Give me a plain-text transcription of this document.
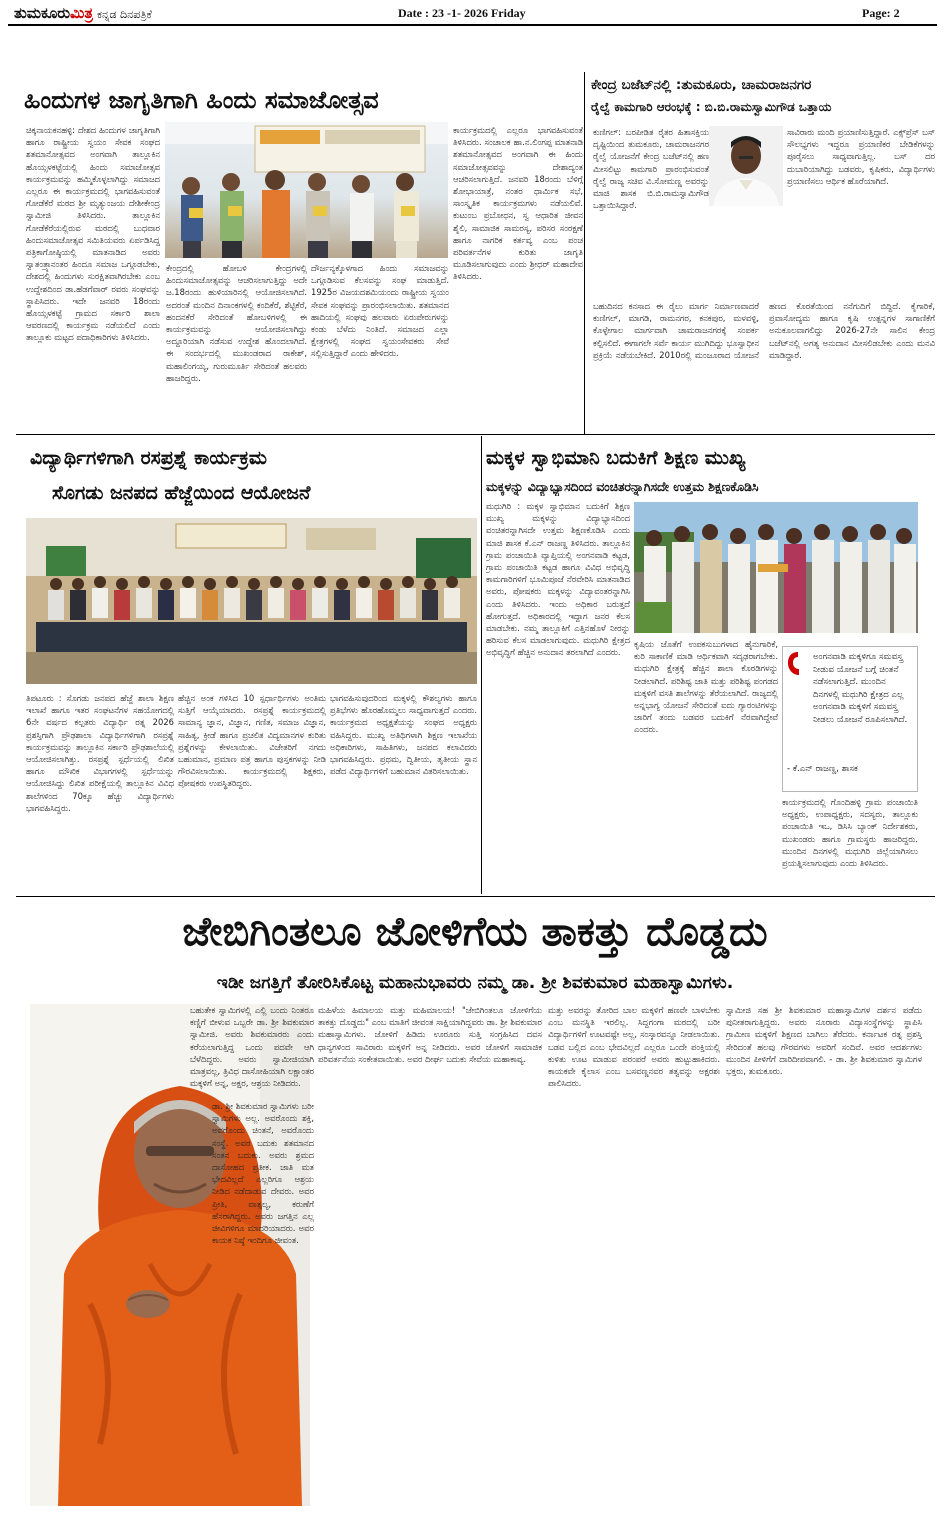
ತುಮಕೂರುಮಿತ್ರ ಕನ್ನಡ ದಿನಪತ್ರಿಕೆ	Date : 23 -1- 2026 Friday	Page: 2
ಹಿಂದುಗಳ ಜಾಗೃತಿಗಾಗಿ ಹಿಂದು ಸಮಾಜೋತ್ಸವ
ಚಿಕ್ಕನಾಯಕನಹಳ್ಳಿ: ದೇಶದ ಹಿಂದುಗಳ ಜಾಗೃತಿಗಾಗಿ ಹಾಗೂ ರಾಷ್ಟ್ರೀಯ ಸ್ವಯಂ ಸೇವಕ ಸಂಘದ ಶತಮಾನೋತ್ಸವದ ಅಂಗವಾಗಿ ತಾಲ್ಲೂಕಿನ ಹೊಯ್ಸಳಕಟ್ಟೆಯಲ್ಲಿ ಹಿಂದು ಸಮಾಜೋತ್ಸವ ಕಾರ್ಯಕ್ರಮವನ್ನು ಹಮ್ಮಿಕೊಳ್ಳಲಾಗಿದ್ದು ಸಮಾಜದ ಎಲ್ಲರೂ ಈ ಕಾರ್ಯಕ್ರಮದಲ್ಲಿ ಭಾಗವಹಿಸುವಂತೆ ಗೋಡೆಕೆರೆ ಮಠದ ಶ್ರೀ ಮೃತ್ಯುಂಜಯ ದೇಶೀಕೇಂದ್ರ ಸ್ವಾಮೀಜಿ ತಿಳಿಸಿದರು. ತಾಲ್ಲೂಕಿನ ಗೋಡೆಕೆರೆಯಲ್ಲಿರುವ ಮಠದಲ್ಲಿ ಬುಧವಾರ ಹಿಂದುಸಮಾಜೋತ್ಸವ ಸಮಿತಿಯವರು ಏರ್ಪಡಿಸಿದ್ದ ಪತ್ರಿಕಾಗೋಷ್ಠಿಯಲ್ಲಿ ಮಾತನಾಡಿದ ಅವರು ಸ್ವಾತಂತ್ರ್ಯಾನಂತರ ಹಿಂದೂ ಸಮಾಜ ಒಗ್ಗೂಡಬೇಕು, ದೇಶದಲ್ಲಿ ಹಿಂದುಗಳು ಸುರಕ್ಷಿತವಾಗಿರಬೇಕು ಎಂಬ ಉದ್ದೇಶದಿಂದ ಡಾ.ಹೆಡಗೆವಾರ್ ರವರು ಸಂಘವನ್ನು ಸ್ಥಾಪಿಸಿದರು. ಇದೇ ಜನವರಿ 18ರಂದು ಹೊಯ್ಸಳಕಟ್ಟೆ ಗ್ರಾಮದ ಸರ್ಕಾರಿ ಶಾಲಾ ಆವರಣದಲ್ಲಿ ಕಾರ್ಯಕ್ರಮ ನಡೆಯಲಿದೆ ಎಂದು ತಾಲ್ಲೂಕು ಮಟ್ಟದ ಪದಾಧಿಕಾರಿಗಳು ತಿಳಿಸಿದರು.
ಕೇಂದ್ರದಲ್ಲಿ ಹೋಬಳಿ ಕೇಂದ್ರಗಳಲ್ಲಿ ಹಿಂದುಸಮಾಜೋತ್ಸವನ್ನು ಆಚರಿಸಲಾಗುತ್ತಿದ್ದು ಅದೇ ಜ.18ರಂದು ಹುಳಿಯಾರಿನಲ್ಲಿ ಆಯೋಜಿಸಲಾಗಿದೆ. ಅದರಂತೆ ಮಂದಿನ ದಿನಾಂಕಗಳಲ್ಲಿ ಕಂದಿಕೆರೆ, ಶೆಟ್ಟಿಕೆರೆ, ಹಂದನಕೆರೆ ಸೇರಿದಂತೆ ಹೋಬಳಿಗಳಲ್ಲಿ ಈ ಕಾರ್ಯಕ್ರಮವನ್ನು ಆಯೋಜಿಸಲಾಗಿದ್ದು ಅದ್ದೂರಿಯಾಗಿ ನಡೆಸುವ ಉದ್ದೇಶ ಹೊಂದಲಾಗಿದೆ. ಈ ಸಂದರ್ಭದಲ್ಲಿ ಮುಖಂಡರಾದ ರಾಕೇಶ್, ಮಹಾಲಿಂಗಯ್ಯ, ಗುರುಮೂರ್ತಿ ಸೇರಿದಂತೆ ಹಲವರು ಹಾಜರಿದ್ದರು.
ದೌರ್ಜನ್ಯಕ್ಕೊಳಗಾದ ಹಿಂದು ಸಮಾಜವನ್ನು ಒಗ್ಗೂಡಿಸುವ ಕೆಲಸವನ್ನು ಸಂಘ ಮಾಡುತ್ತಿದೆ. 1925ರ ವಿಜಯದಶಮಿಯಂದು ರಾಷ್ಟ್ರೀಯ ಸ್ವಯಂ ಸೇವಕ ಸಂಘವನ್ನು ಪ್ರಾರಂಭಿಸಲಾಯಿತು. ಶತಮಾನದ ಹಾದಿಯಲ್ಲಿ ಸಂಘವು ಹಲವಾರು ಏರುಪೇರುಗಳನ್ನು ಕಂಡು ಬೆಳೆದು ನಿಂತಿದೆ. ಸಮಾಜದ ಎಲ್ಲಾ ಕ್ಷೇತ್ರಗಳಲ್ಲಿ ಸಂಘದ ಸ್ವಯಂಸೇವಕರು ಸೇವೆ ಸಲ್ಲಿಸುತ್ತಿದ್ದಾರೆ ಎಂದು ಹೇಳಿದರು.
ಕಾರ್ಯಕ್ರಮದಲ್ಲಿ ಎಲ್ಲರೂ ಭಾಗವಹಿಸುವಂತೆ ತಿಳಿಸಿದರು. ಸಂಚಾಲಕ ಹಾ.ನ.ಲಿಂಗಪ್ಪ ಮಾತನಾಡಿ ಶತಮಾನೋತ್ಸವದ ಅಂಗವಾಗಿ ಈ ಹಿಂದು ಸಮಾಜೋತ್ಸವವನ್ನು ದೇಶಾದ್ಯಂತ ಆಚರಿಸಲಾಗುತ್ತಿದೆ. ಜನವರಿ 18ರಂದು ಬೆಳಿಗ್ಗೆ ಶೋಭಾಯಾತ್ರೆ, ನಂತರ ಧಾರ್ಮಿಕ ಸಭೆ, ಸಾಂಸ್ಕೃತಿಕ ಕಾರ್ಯಕ್ರಮಗಳು ನಡೆಯಲಿವೆ. ಕುಟುಂಬ ಪ್ರಬೋಧನ, ಸ್ವ ಆಧಾರಿತ ಜೀವನ ಶೈಲಿ, ಸಾಮಾಜಿಕ ಸಾಮರಸ್ಯ, ಪರಿಸರ ಸಂರಕ್ಷಣೆ ಹಾಗೂ ನಾಗರಿಕ ಕರ್ತವ್ಯ ಎಂಬ ಪಂಚ ಪರಿವರ್ತನೆಗಳ ಕುರಿತು ಜಾಗೃತಿ ಮೂಡಿಸಲಾಗುವುದು ಎಂದು ಶ್ರೀಧರ್ ಮಹಾದೇವ ತಿಳಿಸಿದರು.
ಕೇಂದ್ರ ಬಜೆಟ್‌ನಲ್ಲಿ :ತುಮಕೂರು, ಚಾಮರಾಜನಗರ
ರೈಲ್ವೆ ಕಾಮಗಾರಿ ಆರಂಭಕ್ಕೆ : ಬಿ.ಬಿ.ರಾಮಸ್ವಾಮಿಗೌಡ ಒತ್ತಾಯ
ಕುಣಿಗಲ್: ಬರಪೀಡಿತ ರೈತರ ಹಿತಾಸಕ್ತಿಯ ದೃಷ್ಟಿಯಿಂದ ತುಮಕೂರು, ಚಾಮರಾಜನಗರ ರೈಲ್ವೆ ಯೋಜನೆಗೆ ಕೇಂದ್ರ ಬಜೆಟ್‌ನಲ್ಲಿ ಹಣ ಮೀಸಲಿಟ್ಟು ಕಾಮಗಾರಿ ಪ್ರಾರಂಭಿಸುವಂತೆ ರೈಲ್ವೆ ರಾಜ್ಯ ಸಚಿವ ವಿ.ಸೋಮಣ್ಣ ಅವರನ್ನು ಮಾಜಿ ಶಾಸಕ ಬಿ.ಬಿ.ರಾಮಸ್ವಾಮಿಗೌಡ ಒತ್ತಾಯಿಸಿದ್ದಾರೆ.
ಸಾವಿರಾರು ಮಂದಿ ಪ್ರಯಾಣಿಸುತ್ತಿದ್ದಾರೆ. ಎಕ್ಸ್‌ಪ್ರೆಸ್ ಬಸ್ ಸೌಲಭ್ಯಗಳು ಇದ್ದರೂ ಪ್ರಯಾಣಿಕರ ಬೇಡಿಕೆಗಳನ್ನು ಪೂರೈಸಲು ಸಾಧ್ಯವಾಗುತ್ತಿಲ್ಲ. ಬಸ್ ದರ ದುಬಾರಿಯಾಗಿದ್ದು ಬಡವರು, ಕೃಷಿಕರು, ವಿದ್ಯಾರ್ಥಿಗಳು ಪ್ರಯಾಣಿಸಲು ಆರ್ಥಿಕ ಹೊರೆಯಾಗಿದೆ.
ಬಹುದಿನದ ಕನಸಾದ ಈ ರೈಲು ಮಾರ್ಗ ನಿರ್ಮಾಣವಾದರೆ ಕುಣಿಗಲ್, ಮಾಗಡಿ, ರಾಮನಗರ, ಕನಕಪುರ, ಮಳವಳ್ಳಿ, ಕೊಳ್ಳೇಗಾಲ ಮಾರ್ಗವಾಗಿ ಚಾಮರಾಜನಗರಕ್ಕೆ ಸಂಪರ್ಕ ಕಲ್ಪಿಸಲಿದೆ. ಈಗಾಗಲೇ ಸರ್ವೆ ಕಾರ್ಯ ಮುಗಿದಿದ್ದು ಭೂಸ್ವಾಧೀನ ಪ್ರಕ್ರಿಯೆ ನಡೆಯಬೇಕಿದೆ. 2010ರಲ್ಲಿ ಮಂಜೂರಾದ ಯೋಜನೆ ಹಣದ ಕೊರತೆಯಿಂದ ನನೆಗುದಿಗೆ ಬಿದ್ದಿದೆ. ಕೈಗಾರಿಕೆ, ಪ್ರವಾಸೋದ್ಯಮ ಹಾಗೂ ಕೃಷಿ ಉತ್ಪನ್ನಗಳ ಸಾಗಾಣಿಕೆಗೆ ಅನುಕೂಲವಾಗಲಿದ್ದು 2026-27ನೇ ಸಾಲಿನ ಕೇಂದ್ರ ಬಜೆಟ್‌ನಲ್ಲಿ ಅಗತ್ಯ ಅನುದಾನ ಮೀಸಲಿಡಬೇಕು ಎಂದು ಮನವಿ ಮಾಡಿದ್ದಾರೆ.
ವಿದ್ಯಾರ್ಥಿಗಳಿಗಾಗಿ ರಸಪ್ರಶ್ನೆ ಕಾರ್ಯಕ್ರಮ
ಸೊಗಡು ಜನಪದ ಹೆಜ್ಜೆಯಿಂದ ಆಯೋಜನೆ
ತಿಪಟೂರು : ಸೊಗಡು ಜನಪದ ಹೆಜ್ಜೆ ಶಾಲಾ ಶಿಕ್ಷಣ ಇಲಾಖೆ ಹಾಗೂ ಇತರ ಸಂಘಟನೆಗಳ ಸಹಯೋಗದಲ್ಲಿ 6ನೇ ವರ್ಷದ ಕಲ್ಪತರು ವಿದ್ಯಾರ್ಥಿ ರತ್ನ 2026 ಪ್ರಶಸ್ತಿಗಾಗಿ ಪ್ರೌಢಶಾಲಾ ವಿದ್ಯಾರ್ಥಿಗಳಿಗಾಗಿ ರಸಪ್ರಶ್ನೆ ಕಾರ್ಯಕ್ರಮವನ್ನು ತಾಲ್ಲೂಕಿನ ಸರ್ಕಾರಿ ಪ್ರೌಢಶಾಲೆಯಲ್ಲಿ ಆಯೋಜಿಸಲಾಗಿತ್ತು. ರಸಪ್ರಶ್ನೆ ಸ್ಪರ್ಧೆಯಲ್ಲಿ ಲಿಖಿತ ಹಾಗೂ ಮೌಖಿಕ ವಿಭಾಗಗಳಲ್ಲಿ ಸ್ಪರ್ಧೆಯನ್ನು ಆಯೋಜಿಸಿದ್ದು ಲಿಖಿತ ಪರೀಕ್ಷೆಯಲ್ಲಿ ತಾಲ್ಲೂಕಿನ ವಿವಿಧ ಶಾಲೆಗಳಿಂದ 70ಕ್ಕೂ ಹೆಚ್ಚು ವಿದ್ಯಾರ್ಥಿಗಳು ಭಾಗವಹಿಸಿದ್ದರು.
ಹೆಚ್ಚಿನ ಅಂಕ ಗಳಿಸಿದ 10 ಸ್ಪರ್ಧಾರ್ಥಿಗಳು ಅಂತಿಮ ಸುತ್ತಿಗೆ ಆಯ್ಕೆಯಾದರು. ರಸಪ್ರಶ್ನೆ ಕಾರ್ಯಕ್ರಮದಲ್ಲಿ ಸಾಮಾನ್ಯ ಜ್ಞಾನ, ವಿಜ್ಞಾನ, ಗಣಿತ, ಸಮಾಜ ವಿಜ್ಞಾನ, ಸಾಹಿತ್ಯ, ಕ್ರೀಡೆ ಹಾಗೂ ಪ್ರಚಲಿತ ವಿದ್ಯಮಾನಗಳ ಕುರಿತು ಪ್ರಶ್ನೆಗಳನ್ನು ಕೇಳಲಾಯಿತು. ವಿಜೇತರಿಗೆ ನಗದು ಬಹುಮಾನ, ಪ್ರಮಾಣ ಪತ್ರ ಹಾಗೂ ಪುಸ್ತಕಗಳನ್ನು ನೀಡಿ ಗೌರವಿಸಲಾಯಿತು. ಕಾರ್ಯಕ್ರಮದಲ್ಲಿ ಶಿಕ್ಷಕರು, ಪೋಷಕರು ಉಪಸ್ಥಿತರಿದ್ದರು.
ಭಾಗವಹಿಸುವುದರಿಂದ ಮಕ್ಕಳಲ್ಲಿ ಕೌಶಲ್ಯಗಳು ಹಾಗೂ ಪ್ರತಿಭೆಗಳು ಹೊರಹೊಮ್ಮಲು ಸಾಧ್ಯವಾಗುತ್ತದೆ ಎಂದರು. ಕಾರ್ಯಕ್ರಮದ ಅಧ್ಯಕ್ಷತೆಯನ್ನು ಸಂಘದ ಅಧ್ಯಕ್ಷರು ವಹಿಸಿದ್ದರು. ಮುಖ್ಯ ಅತಿಥಿಗಳಾಗಿ ಶಿಕ್ಷಣ ಇಲಾಖೆಯ ಅಧಿಕಾರಿಗಳು, ಸಾಹಿತಿಗಳು, ಜನಪದ ಕಲಾವಿದರು ಭಾಗವಹಿಸಿದ್ದರು. ಪ್ರಥಮ, ದ್ವಿತೀಯ, ತೃತೀಯ ಸ್ಥಾನ ಪಡೆದ ವಿದ್ಯಾರ್ಥಿಗಳಿಗೆ ಬಹುಮಾನ ವಿತರಿಸಲಾಯಿತು.
ಮಕ್ಕಳ ಸ್ವಾಭಿಮಾನಿ ಬದುಕಿಗೆ ಶಿಕ್ಷಣ ಮುಖ್ಯ
ಮಕ್ಕಳನ್ನು ವಿದ್ಯಾಭ್ಯಾಸದಿಂದ ವಂಚಿತರನ್ನಾಗಿಸದೇ ಉತ್ತಮ ಶಿಕ್ಷಣಕೊಡಿಸಿ
ಮಧುಗಿರಿ : ಮಕ್ಕಳ ಸ್ವಾಭಿಮಾನ ಬದುಕಿಗೆ ಶಿಕ್ಷಣ ಮುಖ್ಯ ಮಕ್ಕಳನ್ನು ವಿದ್ಯಾಭ್ಯಾಸದಿಂದ ವಂಚಿತರನ್ನಾಗಿಸದೇ ಉತ್ತಮ ಶಿಕ್ಷಣಕೊಡಿಸಿ ಎಂದು ಮಾಜಿ ಶಾಸಕ ಕೆ.ಎನ್ ರಾಜಣ್ಣ ತಿಳಿಸಿದರು. ತಾಲ್ಲೂಕಿನ ಗ್ರಾಮ ಪಂಚಾಯಿತಿ ವ್ಯಾಪ್ತಿಯಲ್ಲಿ ಅಂಗನವಾಡಿ ಕಟ್ಟಡ, ಗ್ರಾಮ ಪಂಚಾಯಿತಿ ಕಟ್ಟಡ ಹಾಗೂ ವಿವಿಧ ಅಭಿವೃದ್ಧಿ ಕಾಮಗಾರಿಗಳಿಗೆ ಭೂಮಿಪೂಜೆ ನೆರವೇರಿಸಿ ಮಾತನಾಡಿದ ಅವರು, ಪೋಷಕರು ಮಕ್ಕಳನ್ನು ವಿದ್ಯಾವಂತರನ್ನಾಗಿಸಿ ಎಂದು ತಿಳಿಸಿದರು. ಇಂದು ಅಧಿಕಾರ ಬರುತ್ತದೆ ಹೋಗುತ್ತದೆ. ಅಧಿಕಾರದಲ್ಲಿ ಇದ್ದಾಗ ಜನರ ಕೆಲಸ ಮಾಡಬೇಕು. ನಮ್ಮ ತಾಲ್ಲೂಕಿಗೆ ಎತ್ತಿನಹೊಳೆ ನೀರನ್ನು ಹರಿಸುವ ಕೆಲಸ ಮಾಡಲಾಗುವುದು. ಮಧುಗಿರಿ ಕ್ಷೇತ್ರದ ಅಭಿವೃದ್ಧಿಗೆ ಹೆಚ್ಚಿನ ಅನುದಾನ ತರಲಾಗಿದೆ ಎಂದರು.
ಕೃಷಿಯ ಜೊತೆಗೆ ಉಪಕಸುಬುಗಳಾದ ಹೈನುಗಾರಿಕೆ, ಕುರಿ ಸಾಕಾಣಿಕೆ ಮಾಡಿ ಆರ್ಥಿಕವಾಗಿ ಸದೃಢರಾಗಬೇಕು. ಮಧುಗಿರಿ ಕ್ಷೇತ್ರಕ್ಕೆ ಹೆಚ್ಚಿನ ಶಾಲಾ ಕೊಠಡಿಗಳನ್ನು ನೀಡಲಾಗಿದೆ. ಪರಿಶಿಷ್ಟ ಜಾತಿ ಮತ್ತು ಪರಿಶಿಷ್ಟ ಪಂಗಡದ ಮಕ್ಕಳಿಗೆ ವಸತಿ ಶಾಲೆಗಳನ್ನು ತೆರೆಯಲಾಗಿದೆ. ರಾಜ್ಯದಲ್ಲಿ ಅನ್ನಭಾಗ್ಯ ಯೋಜನೆ ಸೇರಿದಂತೆ ಐದು ಗ್ಯಾರಂಟಿಗಳನ್ನು ಜಾರಿಗೆ ತಂದು ಬಡವರ ಬದುಕಿಗೆ ನೆರವಾಗಿದ್ದೇವೆ ಎಂದರು.
ಅಂಗನವಾಡಿ ಮಕ್ಕಳಿಗೂ ಸಮವಸ್ತ್ರ ನೀಡುವ ಯೋಜನೆ ಬಗ್ಗೆ ಚಿಂತನೆ ನಡೆಸಲಾಗುತ್ತಿದೆ. ಮುಂದಿನ ದಿನಗಳಲ್ಲಿ ಮಧುಗಿರಿ ಕ್ಷೇತ್ರದ ಎಲ್ಲ ಅಂಗನವಾಡಿ ಮಕ್ಕಳಿಗೆ ಸಮವಸ್ತ್ರ ನೀಡಲು ಯೋಜನೆ ರೂಪಿಸಲಾಗಿದೆ.
- ಕೆ.ಎನ್ ರಾಜಣ್ಣ, ಶಾಸಕ
ಕಾರ್ಯಕ್ರಮದಲ್ಲಿ ಗೊಂದಿಹಳ್ಳಿ ಗ್ರಾಮ ಪಂಚಾಯಿತಿ ಅಧ್ಯಕ್ಷರು, ಉಪಾಧ್ಯಕ್ಷರು, ಸದಸ್ಯರು, ತಾಲ್ಲೂಕು ಪಂಚಾಯಿತಿ ಇಒ, ಡಿಸಿಸಿ ಬ್ಯಾಂಕ್ ನಿರ್ದೇಶಕರು, ಮುಖಂಡರು ಹಾಗೂ ಗ್ರಾಮಸ್ಥರು ಹಾಜರಿದ್ದರು. ಮುಂದಿನ ದಿನಗಳಲ್ಲಿ ಮಧುಗಿರಿ ಜಿಲ್ಲೆಯಾಗಿಸಲು ಪ್ರಯತ್ನಿಸಲಾಗುವುದು ಎಂದು ತಿಳಿಸಿದರು.
ಜೇಬಿಗಿಂತಲೂ ಜೋಳಿಗೆಯ ತಾಕತ್ತು ದೊಡ್ಡದು
ಇಡೀ ಜಗತ್ತಿಗೆ ತೋರಿಸಿಕೊಟ್ಟ ಮಹಾನುಭಾವರು ನಮ್ಮ ಡಾ. ಶ್ರೀ ಶಿವಕುಮಾರ ಮಹಾಸ್ವಾಮಿಗಳು.
ಬಹುತೇಕ ಸ್ವಾಮಿಗಳಲ್ಲಿ ಎಲ್ಲಿ ಬಂದು ನಿಂತರೂ ಕಣ್ಣಿಗೆ ಬೀಳುವ ಒಬ್ಬರೇ ಡಾ. ಶ್ರೀ ಶಿವಕುಮಾರ ಸ್ವಾಮೀಜಿ. ಅವರು ಶಿವಕುಮಾರರು ಎಂದು ಕರೆಯಲಾಗುತ್ತಿದ್ದ ಒಂದು ಪದವೇ ಆಗಿ ಬೆಳೆದಿದ್ದರು. ಅವರು ಸ್ವಾಮೀಜಿಯಾಗಿ ಮಾತ್ರವಲ್ಲ, ತ್ರಿವಿಧ ದಾಸೋಹಿಯಾಗಿ ಲಕ್ಷಾಂತರ ಮಕ್ಕಳಿಗೆ ಅನ್ನ, ಅಕ್ಷರ, ಆಶ್ರಯ ನೀಡಿದರು.
ಡಾ. ಶ್ರೀ ಶಿವಕುಮಾರ ಸ್ವಾಮಿಗಳು ಬರೀ ಸ್ವಾಮಿಗಳು ಅಲ್ಲ. ಅವರೊಂದು ಶಕ್ತಿ, ಅವರೊಂದು ಚಿಂತನೆ, ಅವರೊಂದು ಸಂಸ್ಥೆ. ಅವರ ಬದುಕು ಶತಮಾನದ ಸಂತನ ಬದುಕು. ಅವರು ಶ್ರಮದ ದಾಸೋಹದ ಪ್ರತೀಕ. ಜಾತಿ ಮತ ಭೇದವಿಲ್ಲದೆ ಎಲ್ಲರಿಗೂ ಆಶ್ರಯ ನೀಡಿದ ನಡೆದಾಡುವ ದೇವರು. ಅವರ ಪ್ರೀತಿ, ವಾತ್ಸಲ್ಯ, ಕರುಣೆಗೆ ಹೆಸರಾಗಿದ್ದರು. ಅವರು ಜಗತ್ತಿನ ಎಲ್ಲ ಜೀವಿಗಳಿಗೂ ಮಾದರಿಯಾದರು. ಅವರ ಕಾಯಕ ನಿಷ್ಠೆ ಇಂದಿಗೂ ಜೀವಂತ.
ಮಹಿಳೆಯ ಹಿಮಾಲಯ ಮತ್ತು ಮಹಿಮಾಲಯ! "ಜೇಬಿಗಿಂತಲೂ ಜೋಳಿಗೆಯ ತಾಕತ್ತು ದೊಡ್ಡದು" ಎಂಬ ಮಾತಿಗೆ ಜೀವಂತ ಸಾಕ್ಷಿಯಾಗಿದ್ದವರು ಡಾ. ಶ್ರೀ ಶಿವಕುಮಾರ ಮಹಾಸ್ವಾಮಿಗಳು. ಜೋಳಿಗೆ ಹಿಡಿದು ಊರೂರು ಸುತ್ತಿ ಸಂಗ್ರಹಿಸಿದ ದವಸ ಧಾನ್ಯಗಳಿಂದ ಸಾವಿರಾರು ಮಕ್ಕಳಿಗೆ ಅನ್ನ ನೀಡಿದರು. ಅವರ ಜೋಳಿಗೆ ಸಾಮಾಜಿಕ ಪರಿವರ್ತನೆಯ ಸಂಕೇತವಾಯಿತು. ಅವರ ದೀರ್ಘ ಬದುಕು ಸೇವೆಯ ಮಹಾಕಾವ್ಯ.
ಮತ್ತು ಅವರನ್ನು ತೋರಿದ ಬಾಲ ಮಕ್ಕಳಿಗೆ ಹಣವೇ ಬಾಳಬೇಕು ಎಂಬ ಮನಸ್ಥಿತಿ ಇರಲಿಲ್ಲ. ಸಿದ್ದಗಂಗಾ ಮಠದಲ್ಲಿ ಬರೀ ವಿದ್ಯಾರ್ಥಿಗಳಿಗೆ ಊಟವಷ್ಟೇ ಅಲ್ಲ, ಸಂಸ್ಕಾರವನ್ನೂ ನೀಡಲಾಯಿತು. ಬಡವ ಬಲ್ಲಿದ ಎಂಬ ಭೇದವಿಲ್ಲದೆ ಎಲ್ಲರೂ ಒಂದೇ ಪಂಕ್ತಿಯಲ್ಲಿ ಕುಳಿತು ಊಟ ಮಾಡುವ ಪರಂಪರೆ ಅವರು ಹುಟ್ಟುಹಾಕಿದರು. ಕಾಯಕವೇ ಕೈಲಾಸ ಎಂಬ ಬಸವಣ್ಣನವರ ತತ್ವವನ್ನು ಅಕ್ಷರಶಃ ಪಾಲಿಸಿದರು.
ಸ್ವಾಮೀಜಿ ಸಹ ಶ್ರೀ ಶಿವಕುಮಾರ ಮಹಾಸ್ವಾಮಿಗಳ ದರ್ಶನ ಪಡೆದು ಪುನೀತರಾಗುತ್ತಿದ್ದರು. ಅವರು ನೂರಾರು ವಿದ್ಯಾಸಂಸ್ಥೆಗಳನ್ನು ಸ್ಥಾಪಿಸಿ ಗ್ರಾಮೀಣ ಮಕ್ಕಳಿಗೆ ಶಿಕ್ಷಣದ ಬಾಗಿಲು ತೆರೆದರು. ಕರ್ನಾಟಕ ರತ್ನ ಪ್ರಶಸ್ತಿ ಸೇರಿದಂತೆ ಹಲವು ಗೌರವಗಳು ಅವರಿಗೆ ಸಂದಿವೆ. ಅವರ ಆದರ್ಶಗಳು ಮುಂದಿನ ಪೀಳಿಗೆಗೆ ದಾರಿದೀಪವಾಗಲಿ. - ಡಾ. ಶ್ರೀ ಶಿವಕುಮಾರ ಸ್ವಾಮಿಗಳ ಭಕ್ತರು, ತುಮಕೂರು.
